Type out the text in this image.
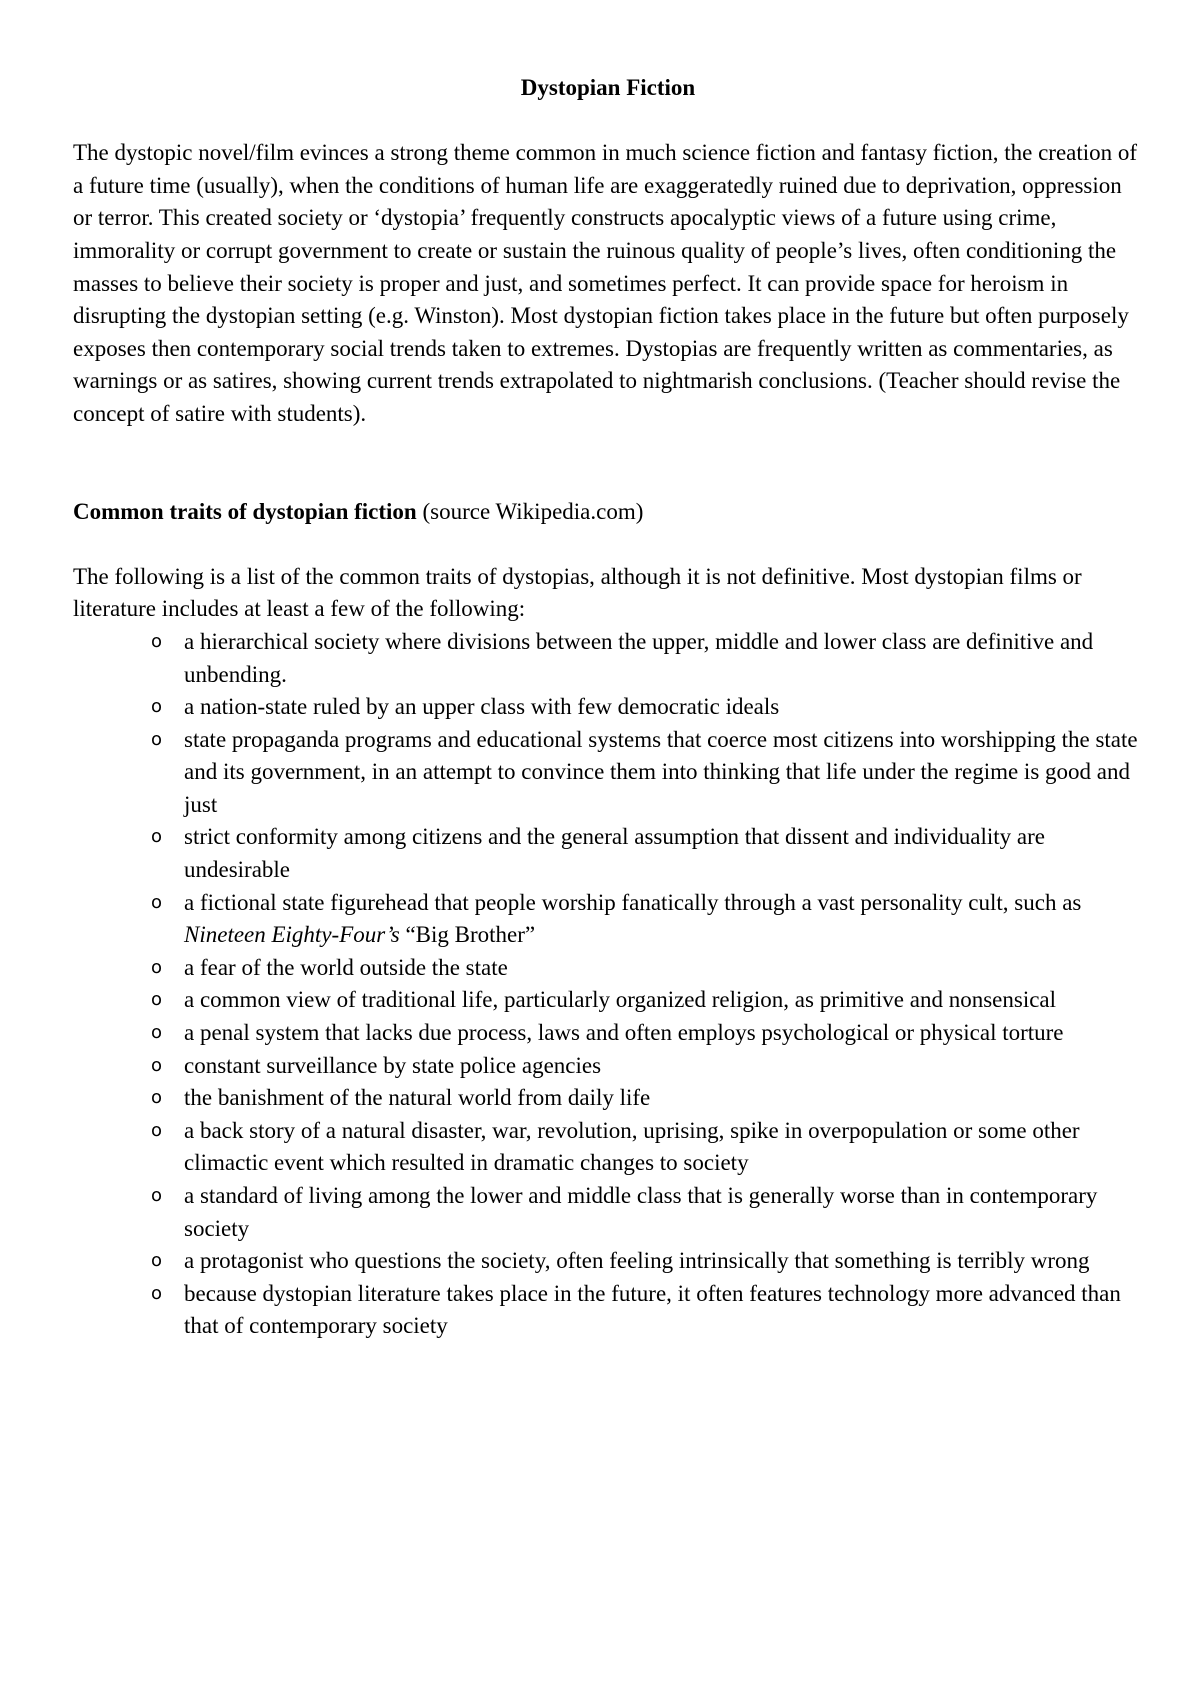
Dystopian Fiction

The dystopic novel/film evinces a strong theme common in much science fiction and fantasy fiction, the creation of a future time (usually), when the conditions of human life are exaggeratedly ruined due to deprivation, oppression or terror. This created society or ‘dystopia’ frequently constructs apocalyptic views of a future using crime, immorality or corrupt government to create or sustain the ruinous quality of people’s lives, often conditioning the masses to believe their society is proper and just, and sometimes perfect. It can provide space for heroism in disrupting the dystopian setting (e.g. Winston). Most dystopian fiction takes place in the future but often purposely exposes then contemporary social trends taken to extremes. Dystopias are frequently written as commentaries, as warnings or as satires, showing current trends extrapolated to nightmarish conclusions. (Teacher should revise the concept of satire with students).

Common traits of dystopian fiction (source Wikipedia.com)

The following is a list of the common traits of dystopias, although it is not definitive. Most dystopian films or literature includes at least a few of the following:

o a hierarchical society where divisions between the upper, middle and lower class are definitive and unbending.
o a nation-state ruled by an upper class with few democratic ideals
o state propaganda programs and educational systems that coerce most citizens into worshipping the state and its government, in an attempt to convince them into thinking that life under the regime is good and just
o strict conformity among citizens and the general assumption that dissent and individuality are undesirable
o a fictional state figurehead that people worship fanatically through a vast personality cult, such as Nineteen Eighty-Four’s “Big Brother”
o a fear of the world outside the state
o a common view of traditional life, particularly organized religion, as primitive and nonsensical
o a penal system that lacks due process, laws and often employs psychological or physical torture
o constant surveillance by state police agencies
o the banishment of the natural world from daily life
o a back story of a natural disaster, war, revolution, uprising, spike in overpopulation or some other climactic event which resulted in dramatic changes to society
o a standard of living among the lower and middle class that is generally worse than in contemporary society
o a protagonist who questions the society, often feeling intrinsically that something is terribly wrong
o because dystopian literature takes place in the future, it often features technology more advanced than that of contemporary society
